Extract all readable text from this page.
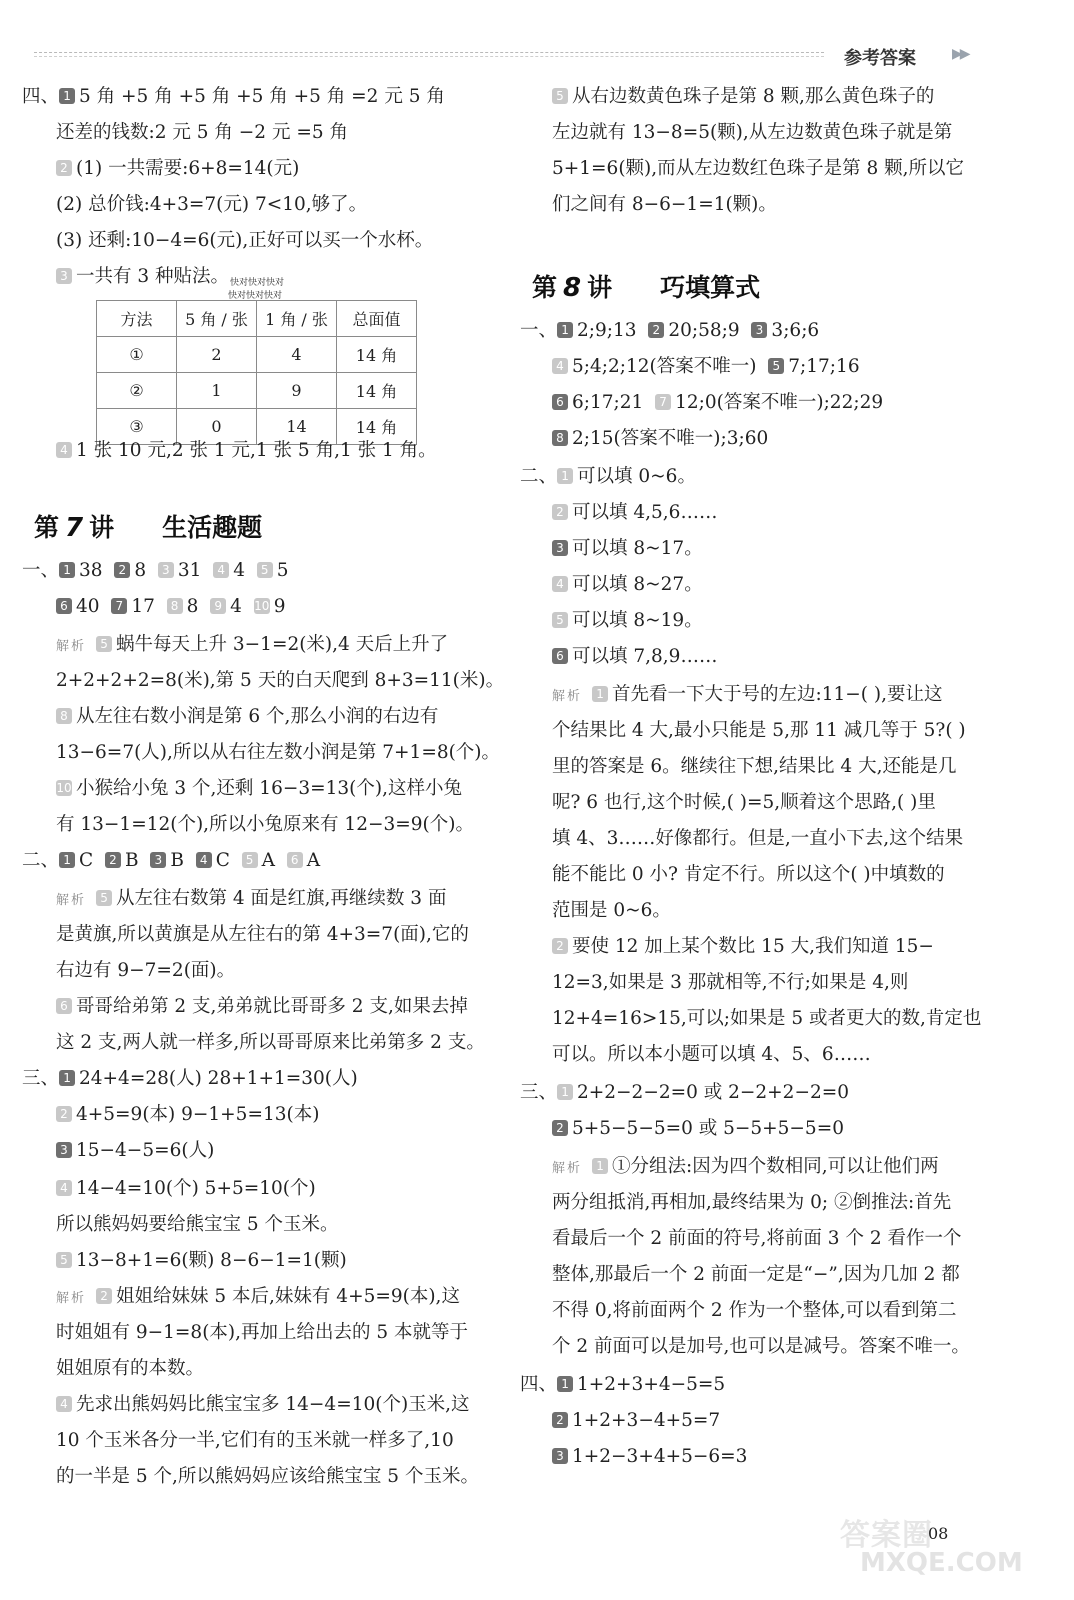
参考答案	▶▶
四、 1 5 角 +5 角 +5 角 +5 角 +5 角 =2 元 5 角
还差的钱数:2 元 5 角 −2 元 =5 角
2 (1) 一共需要:6+8=14(元)
(2) 总价钱:4+3=7(元) 7<10,够了。
(3) 还剩:10−4=6(元),正好可以买一个水杯。
3 一共有 3 种贴法。 快对快对快对
快对快对快对
方法	5 角 / 张	1 角 / 张	总面值
①	2	4	14 角
②	1	9	14 角
③	0	14	14 角
4 1 张 10 元,2 张 1 元,1 张 5 角,1 张 1 角。
第 7 讲 生活趣题
一、 1 38 2 8 3 31 4 4 5 5
6 40 7 17 8 8 9 4 10 9
解析 5 蜗牛每天上升 3−1=2(米),4 天后上升了
2+2+2+2=8(米),第 5 天的白天爬到 8+3=11(米)。
8 从左往右数小润是第 6 个,那么小润的右边有
13−6=7(人),所以从右往左数小润是第 7+1=8(个)。
10 小猴给小兔 3 个,还剩 16−3=13(个),这样小兔
有 13−1=12(个),所以小兔原来有 12−3=9(个)。
二、 1 C 2 B 3 B 4 C 5 A 6 A
解析 5 从左往右数第 4 面是红旗,再继续数 3 面
是黄旗,所以黄旗是从左往右的第 4+3=7(面),它的
右边有 9−7=2(面)。
6 哥哥给弟第 2 支,弟弟就比哥哥多 2 支,如果去掉
这 2 支,两人就一样多,所以哥哥原来比弟第多 2 支。
三、 1 24+4=28(人) 28+1+1=30(人)
2 4+5=9(本) 9−1+5=13(本)
3 15−4−5=6(人)
4 14−4=10(个) 5+5=10(个)
所以熊妈妈要给熊宝宝 5 个玉米。
5 13−8+1=6(颗) 8−6−1=1(颗)
解析 2 姐姐给妹妹 5 本后,妹妹有 4+5=9(本),这
时姐姐有 9−1=8(本),再加上给出去的 5 本就等于
姐姐原有的本数。
4 先求出熊妈妈比熊宝宝多 14−4=10(个)玉米,这
10 个玉米各分一半,它们有的玉米就一样多了,10
的一半是 5 个,所以熊妈妈应该给熊宝宝 5 个玉米。
5 从右边数黄色珠子是第 8 颗,那么黄色珠子的
左边就有 13−8=5(颗),从左边数黄色珠子就是第
5+1=6(颗),而从左边数红色珠子是第 8 颗,所以它
们之间有 8−6−1=1(颗)。
第 8 讲 巧填算式
一、 1 2;9;13 2 20;58;9 3 3;6;6
4 5;4;2;12(答案不唯一) 5 7;17;16
6 6;17;21 7 12;0(答案不唯一);22;29
8 2;15(答案不唯一);3;60
二、 1 可以填 0~6。
2 可以填 4,5,6……
3 可以填 8~17。
4 可以填 8~27。
5 可以填 8~19。
6 可以填 7,8,9……
解析 1 首先看一下大于号的左边:11−( ),要让这
个结果比 4 大,最小只能是 5,那 11 减几等于 5?( )
里的答案是 6。继续往下想,结果比 4 大,还能是几
呢? 6 也行,这个时候,( )=5,顺着这个思路,( )里
填 4、3……好像都行。但是,一直小下去,这个结果
能不能比 0 小? 肯定不行。所以这个( )中填数的
范围是 0~6。
2 要使 12 加上某个数比 15 大,我们知道 15−
12=3,如果是 3 那就相等,不行;如果是 4,则
12+4=16>15,可以;如果是 5 或者更大的数,肯定也
可以。所以本小题可以填 4、5、6……
三、 1 2+2−2−2=0 或 2−2+2−2=0
2 5+5−5−5=0 或 5−5+5−5=0
解析 1 ①分组法:因为四个数相同,可以让他们两
两分组抵消,再相加,最终结果为 0; ②倒推法:首先
看最后一个 2 前面的符号,将前面 3 个 2 看作一个
整体,那最后一个 2 前面一定是“−”,因为几加 2 都
不得 0,将前面两个 2 作为一个整体,可以看到第二
个 2 前面可以是加号,也可以是减号。答案不唯一。
四、 1 1+2+3+4−5=5
2 1+2+3−4+5=7
3 1+2−3+4+5−6=3
答案圈
MXQE.COM
08
